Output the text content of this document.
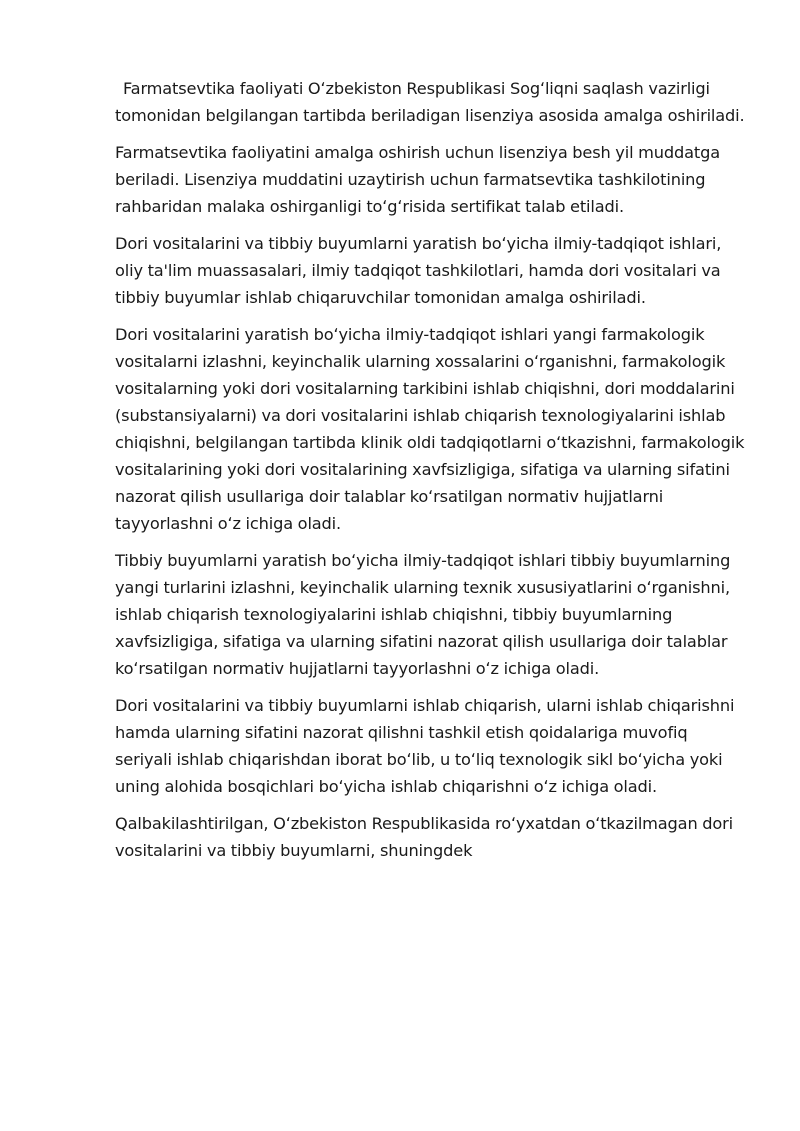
Farmatsevtika faoliyati Oʻzbekiston Respublikasi Sogʻliqni saqlash vazirligi tomonidan belgilangan tartibda beriladigan lisenziya asosida amalga oshiriladi.

Farmatsevtika faoliyatini amalga oshirish uchun lisenziya besh yil muddatga beriladi. Lisenziya muddatini uzaytirish uchun farmatsevtika tashkilotining rahbaridan malaka oshirganligi toʻgʻrisida sertifikat talab etiladi.

Dori vositalarini va tibbiy buyumlarni yaratish boʻyicha ilmiy-tadqiqot ishlari, oliy ta'lim muassasalari, ilmiy tadqiqot tashkilotlari, hamda dori vositalari va tibbiy buyumlar ishlab chiqaruvchilar tomonidan amalga oshiriladi.

Dori vositalarini yaratish boʻyicha ilmiy-tadqiqot ishlari yangi farmakologik vositalarni izlashni, keyinchalik ularning xossalarini oʻrganishni, farmakologik vositalarning yoki dori vositalarning tarkibini ishlab chiqishni, dori moddalarini (substansiyalarni) va dori vositalarini ishlab chiqarish texnologiyalarini ishlab chiqishni, belgilangan tartibda klinik oldi tadqiqotlarni oʻtkazishni, farmakologik vositalarining yoki dori vositalarining xavfsizligiga, sifatiga va ularning sifatini nazorat qilish usullariga doir talablar koʻrsatilgan normativ hujjatlarni tayyorlashni oʻz ichiga oladi.

Tibbiy buyumlarni yaratish boʻyicha ilmiy-tadqiqot ishlari tibbiy buyumlarning yangi turlarini izlashni, keyinchalik ularning texnik xususiyatlarini oʻrganishni, ishlab chiqarish texnologiyalarini ishlab chiqishni, tibbiy buyumlarning xavfsizligiga, sifatiga va ularning sifatini nazorat qilish usullariga doir talablar koʻrsatilgan normativ hujjatlarni tayyorlashni oʻz ichiga oladi.

Dori vositalarini va tibbiy buyumlarni ishlab chiqarish, ularni ishlab chiqarishni hamda ularning sifatini nazorat qilishni tashkil etish qoidalariga muvofiq seriyali ishlab chiqarishdan iborat boʻlib, u toʻliq texnologik sikl boʻyicha yoki uning alohida bosqichlari boʻyicha ishlab chiqarishni oʻz ichiga oladi.

Qalbakilashtirilgan, Oʻzbekiston Respublikasida roʻyxatdan oʻtkazilmagan dori vositalarini va tibbiy buyumlarni, shuningdek
